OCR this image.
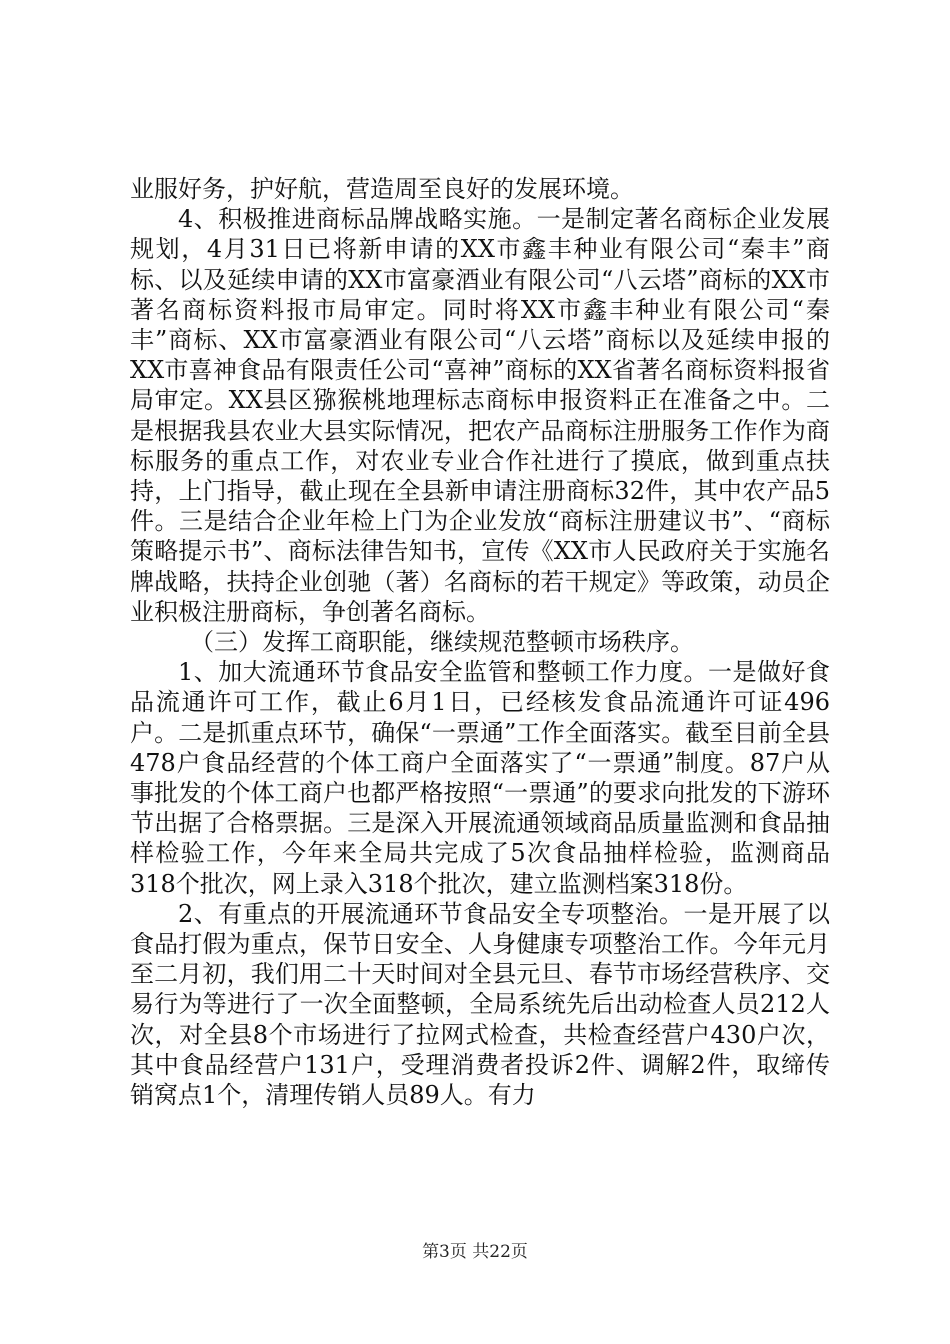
业服好务，护好航，营造周至良好的发展环境。

4、积极推进商标品牌战略实施。一是制定著名商标企业发展规划，4月31日已将新申请的XX市鑫丰种业有限公司“秦丰”商标、以及延续申请的XX市富豪酒业有限公司“八云塔”商标的XX市著名商标资料报市局审定。同时将XX市鑫丰种业有限公司“秦丰”商标、XX市富豪酒业有限公司“八云塔”商标以及延续申报的XX市喜神食品有限责任公司“喜神”商标的XX省著名商标资料报省局审定。XX县区猕猴桃地理标志商标申报资料正在准备之中。二是根据我县农业大县实际情况，把农产品商标注册服务工作作为商标服务的重点工作，对农业专业合作社进行了摸底，做到重点扶持，上门指导，截止现在全县新申请注册商标32件，其中农产品5件。三是结合企业年检上门为企业发放“商标注册建议书”、“商标策略提示书”、商标法律告知书，宣传《XX市人民政府关于实施名牌战略，扶持企业创驰（著）名商标的若干规定》等政策，动员企业积极注册商标，争创著名商标。

（三）发挥工商职能，继续规范整顿市场秩序。

1、加大流通环节食品安全监管和整顿工作力度。一是做好食品流通许可工作，截止6月1日，已经核发食品流通许可证496户。二是抓重点环节，确保“一票通”工作全面落实。截至目前全县478户食品经营的个体工商户全面落实了“一票通”制度。87户从事批发的个体工商户也都严格按照“一票通”的要求向批发的下游环节出据了合格票据。三是深入开展流通领域商品质量监测和食品抽样检验工作，今年来全局共完成了5次食品抽样检验，监测商品318个批次，网上录入318个批次，建立监测档案318份。

2、有重点的开展流通环节食品安全专项整治。一是开展了以食品打假为重点，保节日安全、人身健康专项整治工作。今年元月至二月初，我们用二十天时间对全县元旦、春节市场经营秩序、交易行为等进行了一次全面整顿，全局系统先后出动检查人员212人次，对全县8个市场进行了拉网式检查，共检查经营户430户次，其中食品经营户131户，受理消费者投诉2件、调解2件，取缔传销窝点1个，清理传销人员89人。有力

第3页 共22页
